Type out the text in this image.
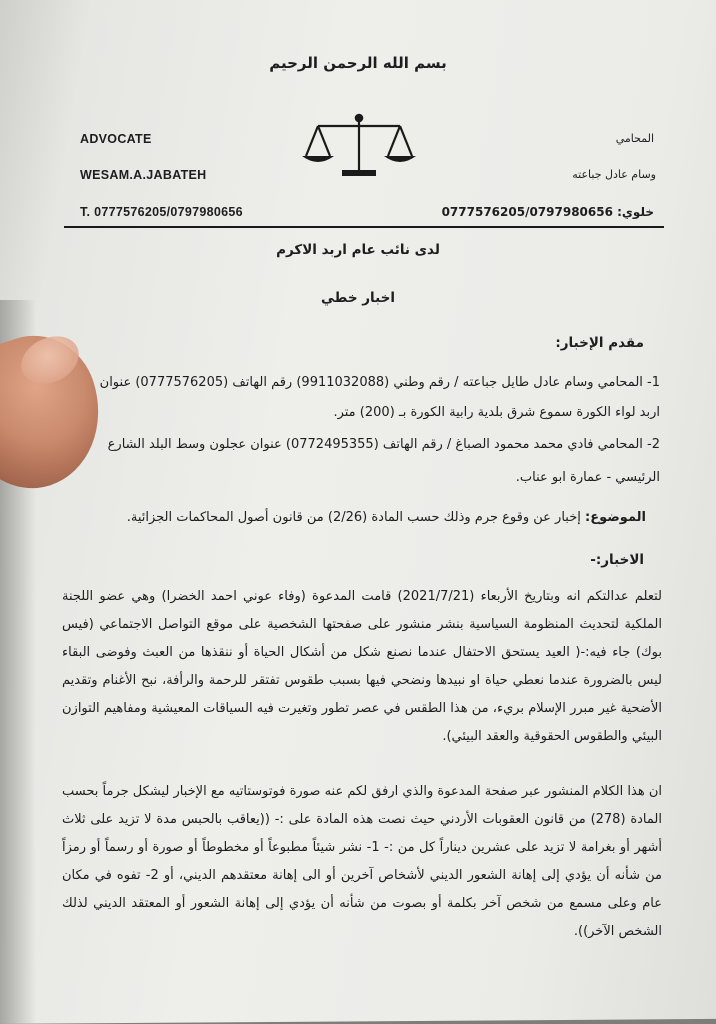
بسم الله الرحمن الرحيم
ADVOCATE
WESAM.A.JABATEH
T. 0777576205/0797980656
المحامي
وسام عادل جباعته
خلوي: 0777576205/0797980656
لدى نائب عام اربد الاكرم
اخبار خطي
مقدم الإخبار:
1- المحامي وسام عادل طايل جباعته / رقم وطني (9911032088) رقم الهاتف (0777576205) عنوان
اربد لواء الكورة سموع شرق بلدية رابية الكورة بـ (200) متر.
2- المحامي فادي محمد محمود الصباغ / رقم الهاتف (0772495355) عنوان عجلون وسط البلد الشارع
الرئيسي - عمارة ابو عناب.
الموضوع: إخبار عن وقوع جرم وذلك حسب المادة (2/26) من قانون أصول المحاكمات الجزائية.
الاخبار:-
لتعلم عدالتكم انه وبتاريخ الأربعاء (2021/7/21) قامت المدعوة (وفاء عوني احمد الخضرا) وهي عضو اللجنة الملكية لتحديث المنظومة السياسية بنشر منشور على صفحتها الشخصية على موقع التواصل الاجتماعي (فيس بوك) جاء فيه:-( العيد يستحق الاحتفال عندما نصنع شكل من أشكال الحياة أو ننقذها من العبث وفوضى البقاء ليس بالضرورة عندما نعطي حياة او نبيدها ونضحي فيها بسبب طقوس تفتقر للرحمة والرأفة، نبح الأغنام وتقديم الأضحية غير مبرر الإسلام بريء، من هذا الطقس في عصر تطور وتغيرت فيه السياقات المعيشية ومفاهيم التوازن البيئي والطقوس الحقوقية والعقد البيئي).
ان هذا الكلام المنشور عبر صفحة المدعوة والذي ارفق لكم عنه صورة فوتوستاتيه مع الإخبار ليشكل جرماً بحسب المادة (278) من قانون العقوبات الأردني حيث نصت هذه المادة على :- ((يعاقب بالحبس مدة لا تزيد على ثلاث أشهر أو بغرامة لا تزيد على عشرين ديناراً كل من :- 1- نشر شيئاً مطبوعاً أو مخطوطاً أو صورة أو رسماً أو رمزاً من شأنه أن يؤدي إلى إهانة الشعور الديني لأشخاص آخرين أو الى إهانة معتقدهم الديني، أو 2- تفوه في مكان عام وعلى مسمع من شخص آخر بكلمة أو بصوت من شأنه أن يؤدي إلى إهانة الشعور أو المعتقد الديني لذلك الشخص الآخر)).
